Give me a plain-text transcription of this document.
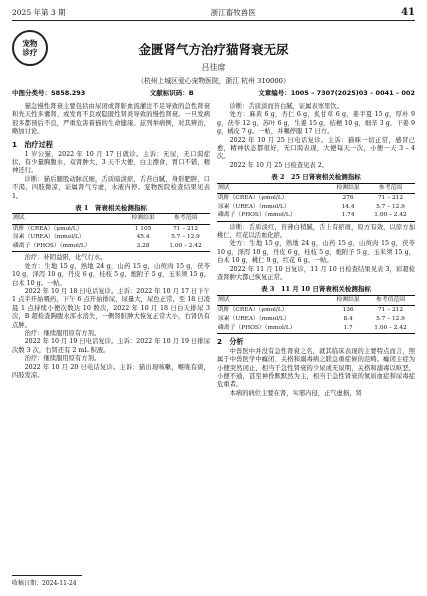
2025 年第 3 期	浙江畜牧兽医	41
宠物
诊疗	金匮肾气方治疗猫肾衰无尿
吕佳席
（杭州上城区爱心宠物医院，浙江 杭州 310000）
中图分类号：S858.293	文献标识码：B	文章编号：1005 – 7307(2025)03 – 0041 – 002

猫急慢性肾衰主要包括由尿闭或肾脏血流灌注不足导致的急性肾衰和先天性多囊肾、或发育不良或隐匿性肾炎导致的慢性肾衰。一旦发病很多都预后不良，严重危害着猫的生命健康。兹列举病例，对其辨治，略加讨论。

1　治疗过程

1 岁公猫，2022 年 10 月 17 日就诊。主诉：无尿，无口渴症状，有少量胸腹水，双肾肿大，3 天不大便，白主漂食，胃口不错，精神还行。

诊断：猫后腿股动脉沉细，舌质暗淡瘀，舌苔白腻，身形肥胖，口不渴，四肢微凉，证属肾气亏虚，水液内停。宠物医院检查结果见表 1。

表 1　肾衰相关检测指标
测试	检测结果	参考范围
肌酐（CREA）（μmol/L）	1 105	71 – 212
尿素（UREA）（mmol/L）	45.4	5.7 – 12.9
磷离子（PHOS）（mmol/L）	3.28	1.00 – 2.42

治疗：补阴益阳，化气行水。

处方：生地 15 g，熟地 24 g，山药 15 g，山萸肉 15 g，茯苓 10 g，泽泻 10 g，丹皮 6 g，桂枝 5 g，炮附子 5 g，玉米须 15 g，白术 10 g。一帖。

2022 年 10 月 18 日电话复诊。主诉：2022 年 10 月 17 日下午 1 点半开始喂药，下午 6 点开始排尿，尿量大，尿色正常，至 18 日凌晨 1 点持续小便次数达 10 数次，2022 年 10 月 18 日白天排尿 3 次，B 超检查胸腹水浑水消失，一侧肾脏肿大恢复正常大小，右肾仍有点肿。

治疗：继续服用原有方剂。

2022 年 10 月 19 日电话复诊。主诉：2022 年 10 月 19 日排尿次数 3 次，右肾还有 2 mL 积液。

治疗：继续服用原有方剂。

2022 年 10 月 20 日电话复诊。主诉：猫出现咳嗽，喉咙有痰，四肢发凉。

诊断：舌质淡而苔白腻，证属表寒里饮。

处方：麻黄 6 g，杏仁 6 g，炙甘草 6 g，姜半夏 15 g，厚朴 9 g，茯苓 12 g，苏叶 6 g，生姜 15 g，桔梗 10 g，细辛 3 g，干姜 9 g，橘皮 7 g。一帖，并嘱停服 17 日方。

2022 年 10 月 25 日电话复诊。主诉：猫咪一切正常，感冒已愈，精神状态都很好，无口渴表现，大便每天一次，小便一天 3 – 4 次。

2022 年 10 月 25 日检查见表 2。

表 2　25 日肾衰相关检测指标
测试	检测结果	参考范围
肌酐（CREA）（μmol/L）	276	71 – 212
尿素（UREA）（mmol/L）	14.4	5.7 – 12.9
磷离子（PHOS）（mmol/L）	1.74	1.00 – 2.42

诊断：舌质淡红，苔薄白稍腻，舌上有瘀斑，原方有效，以原方加桃仁，红花以活血化瘀。

处方：生地 15 g，熟地 24 g，山药 15 g，山萸肉 15 g，茯苓 10 g，泽泻 10 g，丹皮 6 g，桂枝 5 g，炮附子 5 g，玉米须 15 g，白术 10 g，桃仁 9 g，红花 6 g。一帖。

2022 年 11 月 10 日复诊，11 月 10 日检查结果见表 3，彩超检查肾肿大都已恢复正常。

表 3　11 月 10 日肾衰相关检测指标
测试	检测结果	参考值范围
肌酐（CREA）（μmol/L）	136	71 – 212
尿素（UREA）（mmol/L）	8.4	5.7 – 12.9
磷离子（PHOS）（mmol/L）	1.7	1.00 – 2.42
2　分析

中兽医中并没有急性肾衰之名，就其临床表现的主要特点而言，照属于中兽医学中癃闭、关格和溺毒病之联急重症候的范畴。癃闭主症为小便突然闭止，相当于急性肾衰的少尿或无尿期，关格和溺毒以呕恶，小便不通，甚至神昏默默然为主，相当于急性肾衰的氮质血症和尿毒症危重者。

本病的病位主要在肾，实邪内侵，正气虚损，肾

收稿日期：2024-11-24
